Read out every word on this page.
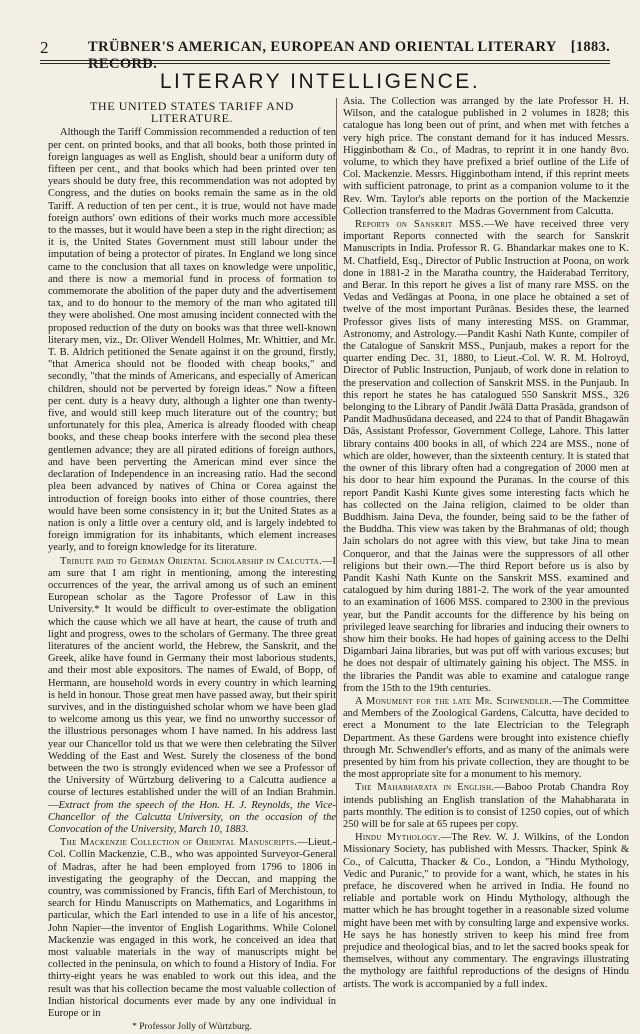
2	TRÜBNER'S AMERICAN, EUROPEAN AND ORIENTAL LITERARY RECORD.
[1883.
LITERARY INTELLIGENCE.
THE UNITED STATES TARIFF AND LITERATURE.

Although the Tariff Commission recommended a reduction of ten per cent. on printed books, and that all books, both those printed in foreign languages as well as English, should bear a uniform duty of fifteen per cent., and that books which had been printed over ten years should be duty free, this recommendation was not adopted by Congress, and the duties on books remain the same as in the old Tariff. A reduction of ten per cent., it is true, would not have made foreign authors' own editions of their works much more accessible to the masses, but it would have been a step in the right direction; as it is, the United States Government must still labour under the imputation of being a protector of pirates. In England we long since came to the conclusion that all taxes on knowledge were unpolitic, and there is now a memorial fund in process of formation to commemorate the abolition of the paper duty and the advertisement tax, and to do honour to the memory of the man who agitated till they were abolished. One most amusing incident connected with the proposed reduction of the duty on books was that three well-known literary men, viz., Dr. Oliver Wendell Holmes, Mr. Whittier, and Mr. T. B. Aldrich petitioned the Senate against it on the ground, firstly, "that America should not be flooded with cheap books," and secondly, "that the minds of Americans, and especially of American children, should not be perverted by foreign ideas." Now a fifteen per cent. duty is a heavy duty, although a lighter one than twenty-five, and would still keep much literature out of the country; but unfortunately for this plea, America is already flooded with cheap books, and these cheap books interfere with the second plea these gentlemen advance; they are all pirated editions of foreign authors, and have been perverting the American mind ever since the declaration of Independence in an increasing ratio. Had the second plea been advanced by natives of China or Corea against the introduction of foreign books into either of those countries, there would have been some consistency in it; but the United States as a nation is only a little over a century old, and is largely indebted to foreign immigration for its inhabitants, which element increases yearly, and to foreign knowledge for its literature.

Tribute paid to German Oriental Scholarship in Calcutta.—I am sure that I am right in mentioning, among the interesting occurrences of the year, the arrival among us of such an eminent European scholar as the Tagore Professor of Law in this University.* It would be difficult to over-estimate the obligation which the cause which we all have at heart, the cause of truth and light and progress, owes to the scholars of Germany. The three great literatures of the ancient world, the Hebrew, the Sanskrit, and the Greek, alike have found in Germany their most laborious students, and their most able expositors. The names of Ewald, of Bopp, of Hermann, are household words in every country in which learning is held in honour. Those great men have passed away, but their spirit survives, and in the distinguished scholar whom we have been glad to welcome among us this year, we find no unworthy successor of the illustrious personages whom I have named. In his address last year our Chancellor told us that we were then celebrating the Silver Wedding of the East and West. Surely the closeness of the bond between the two is strongly evidenced when we see a Professor of the University of Würtzburg delivering to a Calcutta audience a course of lectures established under the will of an Indian Brahmin.—Extract from the speech of the Hon. H. J. Reynolds, the Vice-Chancellor of the Calcutta University, on the occasion of the Convocation of the University, March 10, 1883.

The Mackenzie Collection of Oriental Manuscripts.—Lieut.-Col. Collin Mackenzie, C.B., who was appointed Surveyor-General of Madras, after he had been employed from 1796 to 1806 in investigating the geography of the Deccan, and mapping the country, was commissioned by Francis, fifth Earl of Merchistoun, to search for Hindu Manuscripts on Mathematics, and Logarithms in particular, which the Earl intended to use in a life of his ancestor, John Napier—the inventor of English Logarithms. While Colonel Mackenzie was engaged in this work, he conceived an idea that most valuable materials in the way of manuscripts might be collected in the peninsula, on which to found a History of India. For thirty-eight years he was enabled to work out this idea, and the result was that his collection became the most valuable collection of Indian historical documents ever made by any one individual in Europe or in

* Professor Jolly of Würtzburg.

Asia. The Collection was arranged by the late Professor H. H. Wilson, and the catalogue published in 2 volumes in 1828; this catalogue has long been out of print, and when met with fetches a very high price. The constant demand for it has induced Messrs. Higginbotham & Co., of Madras, to reprint it in one handy 8vo. volume, to which they have prefixed a brief outline of the Life of Col. Mackenzie. Messrs. Higginbotham intend, if this reprint meets with sufficient patronage, to print as a companion volume to it the Rev. Wm. Taylor's able reports on the portion of the Mackenzie Collection transferred to the Madras Government from Calcutta.

Reports on Sanskrit MSS.—We have received three very important Reports connected with the search for Sanskrit Manuscripts in India. Professor R. G. Bhandarkar makes one to K. M. Chatfield, Esq., Director of Public Instruction at Poona, on work done in 1881-2 in the Maratha country, the Haiderabad Territory, and Berar. In this report he gives a list of many rare MSS. on the Vedas and Vedāngas at Poona, in one place he obtained a set of twelve of the most important Purānas. Besides these, the learned Professor gives lists of many interesting MSS. on Grammar, Astronomy, and Astrology.—Pandit Kashi Nath Kunte, compiler of the Catalogue of Sanskrit MSS., Punjaub, makes a report for the quarter ending Dec. 31, 1880, to Lieut.-Col. W. R. M. Holroyd, Director of Public Instruction, Punjaub, of work done in relation to the preservation and collection of Sanskrit MSS. in the Punjaub. In this report he states he has catalogued 550 Sanskrit MSS., 326 belonging to the Library of Pandit Jwālā Datta Prasāda, grandson of Pandit Madhusūdana deceased, and 224 to that of Pandit Bhagawān Dās, Assistant Professor, Government College, Lahore. This latter library contains 400 books in all, of which 224 are MSS., none of which are older, however, than the sixteenth century. It is stated that the owner of this library often had a congregation of 2000 men at his door to hear him expound the Puranas. In the course of this report Pandit Kashi Kunte gives some interesting facts which he has collected on the Jaina religion, claimed to be older than Buddhism. Jaina Deva, the founder, being said to be the father of the Buddha. This view was taken by the Brahmanas of old; though Jain scholars do not agree with this view, but take Jina to mean Conqueror, and that the Jainas were the suppressors of all other religions but their own.—The third Report before us is also by Pandit Kashi Nath Kunte on the Sanskrit MSS. examined and catalogued by him during 1881-2. The work of the year amounted to an examination of 1606 MSS. compared to 2300 in the previous year, but the Pandit accounts for the difference by his being on privileged leave searching for libraries and inducing their owners to show him their books. He had hopes of gaining access to the Delhi Digambari Jaina libraries, but was put off with various excuses; but he does not despair of ultimately gaining his object. The MSS. in the libraries the Pandit was able to examine and catalogue range from the 15th to the 19th centuries.

A Monument for the late Mr. Schwendler.—The Committee and Members of the Zoological Gardens, Calcutta, have decided to erect a Monument to the late Electrician to the Telegraph Department. As these Gardens were brought into existence chiefly through Mr. Schwendler's efforts, and as many of the animals were presented by him from his private collection, they are thought to be the most appropriate site for a monument to his memory.

The Mahabharata in English.—Baboo Protab Chandra Roy intends publishing an English translation of the Mahabharata in parts monthly. The edition is to consist of 1250 copies, out of which 250 will be for sale at 65 rupees per copy.

Hindu Mythology.—The Rev. W. J. Wilkins, of the London Missionary Society, has published with Messrs. Thacker, Spink & Co., of Calcutta, Thacker & Co., London, a "Hindu Mythology, Vedic and Puranic," to provide for a want, which, he states in his preface, he discovered when he arrived in India. He found no reliable and portable work on Hindu Mythology, although the matter which he has brought together in a reasonable sized volume might have been met with by consulting large and expensive works. He says he has honestly striven to keep his mind free from prejudice and theological bias, and to let the sacred books speak for themselves, without any commentary. The engravings illustrating the mythology are faithful reproductions of the designs of Hindu artists. The work is accompanied by a full index.
